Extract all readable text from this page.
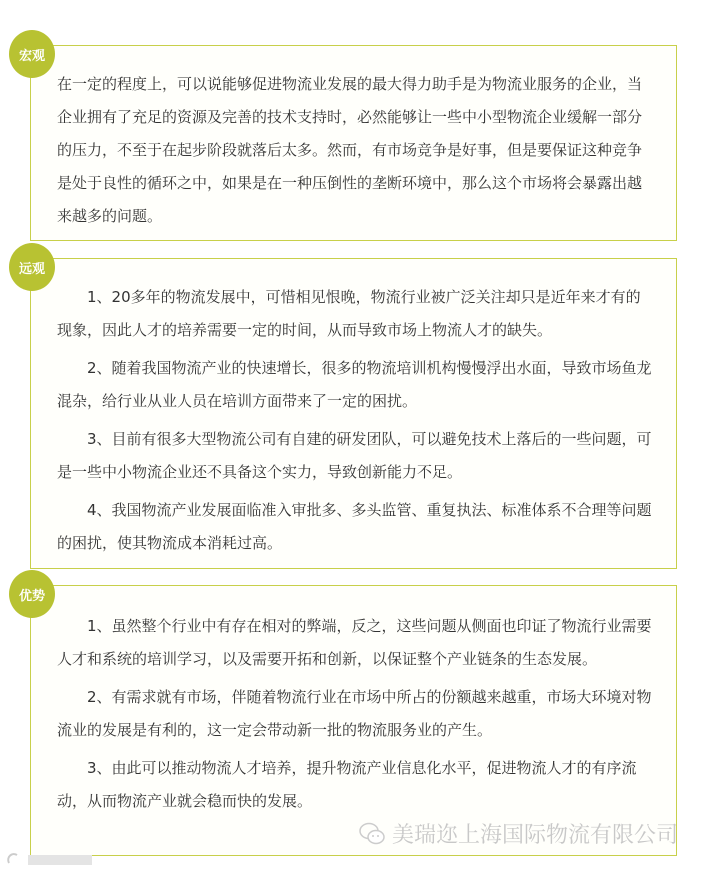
在一定的程度上，可以说能够促进物流业发展的最大得力助手是为物流业服务的企业，当企业拥有了充足的资源及完善的技术支持时，必然能够让一些中小型物流企业缓解一部分的压力，不至于在起步阶段就落后太多。然而，有市场竞争是好事，但是要保证这种竞争是处于良性的循环之中，如果是在一种压倒性的垄断环境中，那么这个市场将会暴露出越来越多的问题。

宏观

1、20多年的物流发展中，可惜相见恨晚，物流行业被广泛关注却只是近年来才有的现象，因此人才的培养需要一定的时间，从而导致市场上物流人才的缺失。

2、随着我国物流产业的快速增长，很多的物流培训机构慢慢浮出水面，导致市场鱼龙混杂，给行业从业人员在培训方面带来了一定的困扰。

3、目前有很多大型物流公司有自建的研发团队，可以避免技术上落后的一些问题，可是一些中小物流企业还不具备这个实力，导致创新能力不足。

4、我国物流产业发展面临准入审批多、多头监管、重复执法、标准体系不合理等问题的困扰，使其物流成本消耗过高。

远观

1、虽然整个行业中有存在相对的弊端，反之，这些问题从侧面也印证了物流行业需要人才和系统的培训学习，以及需要开拓和创新，以保证整个产业链条的生态发展。

2、有需求就有市场，伴随着物流行业在市场中所占的份额越来越重，市场大环境对物流业的发展是有利的，这一定会带动新一批的物流服务业的产生。

3、由此可以推动物流人才培养，提升物流产业信息化水平，促进物流人才的有序流动，从而物流产业就会稳而快的发展。

优势
美瑞迩上海国际物流有限公司
